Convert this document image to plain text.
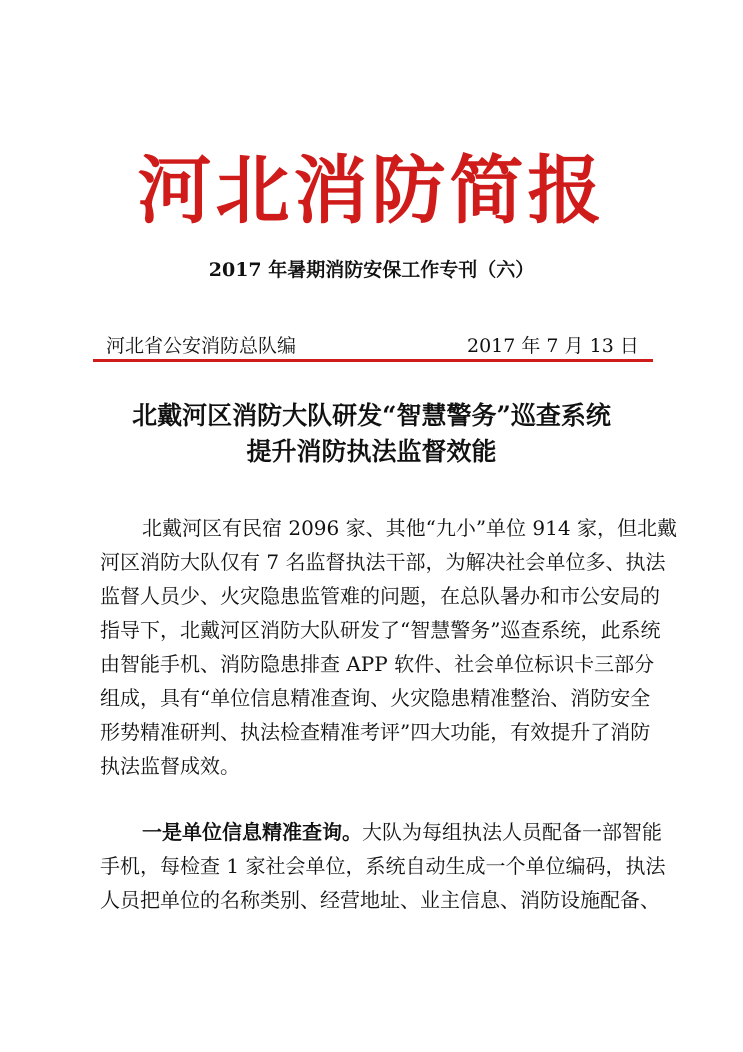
河北消防简报
2017 年暑期消防安保工作专刊（六）
河北省公安消防总队编	2017 年 7 月 13 日
北戴河区消防大队研发“智慧警务”巡查系统
提升消防执法监督效能
北戴河区有民宿 2096 家、其他“九小”单位 914 家，但北戴
河区消防大队仅有 7 名监督执法干部，为解决社会单位多、执法
监督人员少、火灾隐患监管难的问题，在总队暑办和市公安局的
指导下，北戴河区消防大队研发了“智慧警务”巡查系统，此系统
由智能手机、消防隐患排查 APP 软件、社会单位标识卡三部分
组成，具有“单位信息精准查询、火灾隐患精准整治、消防安全
形势精准研判、执法检查精准考评”四大功能，有效提升了消防
执法监督成效。
一是单位信息精准查询。大队为每组执法人员配备一部智能
手机，每检查 1 家社会单位，系统自动生成一个单位编码，执法
人员把单位的名称类别、经营地址、业主信息、消防设施配备、
